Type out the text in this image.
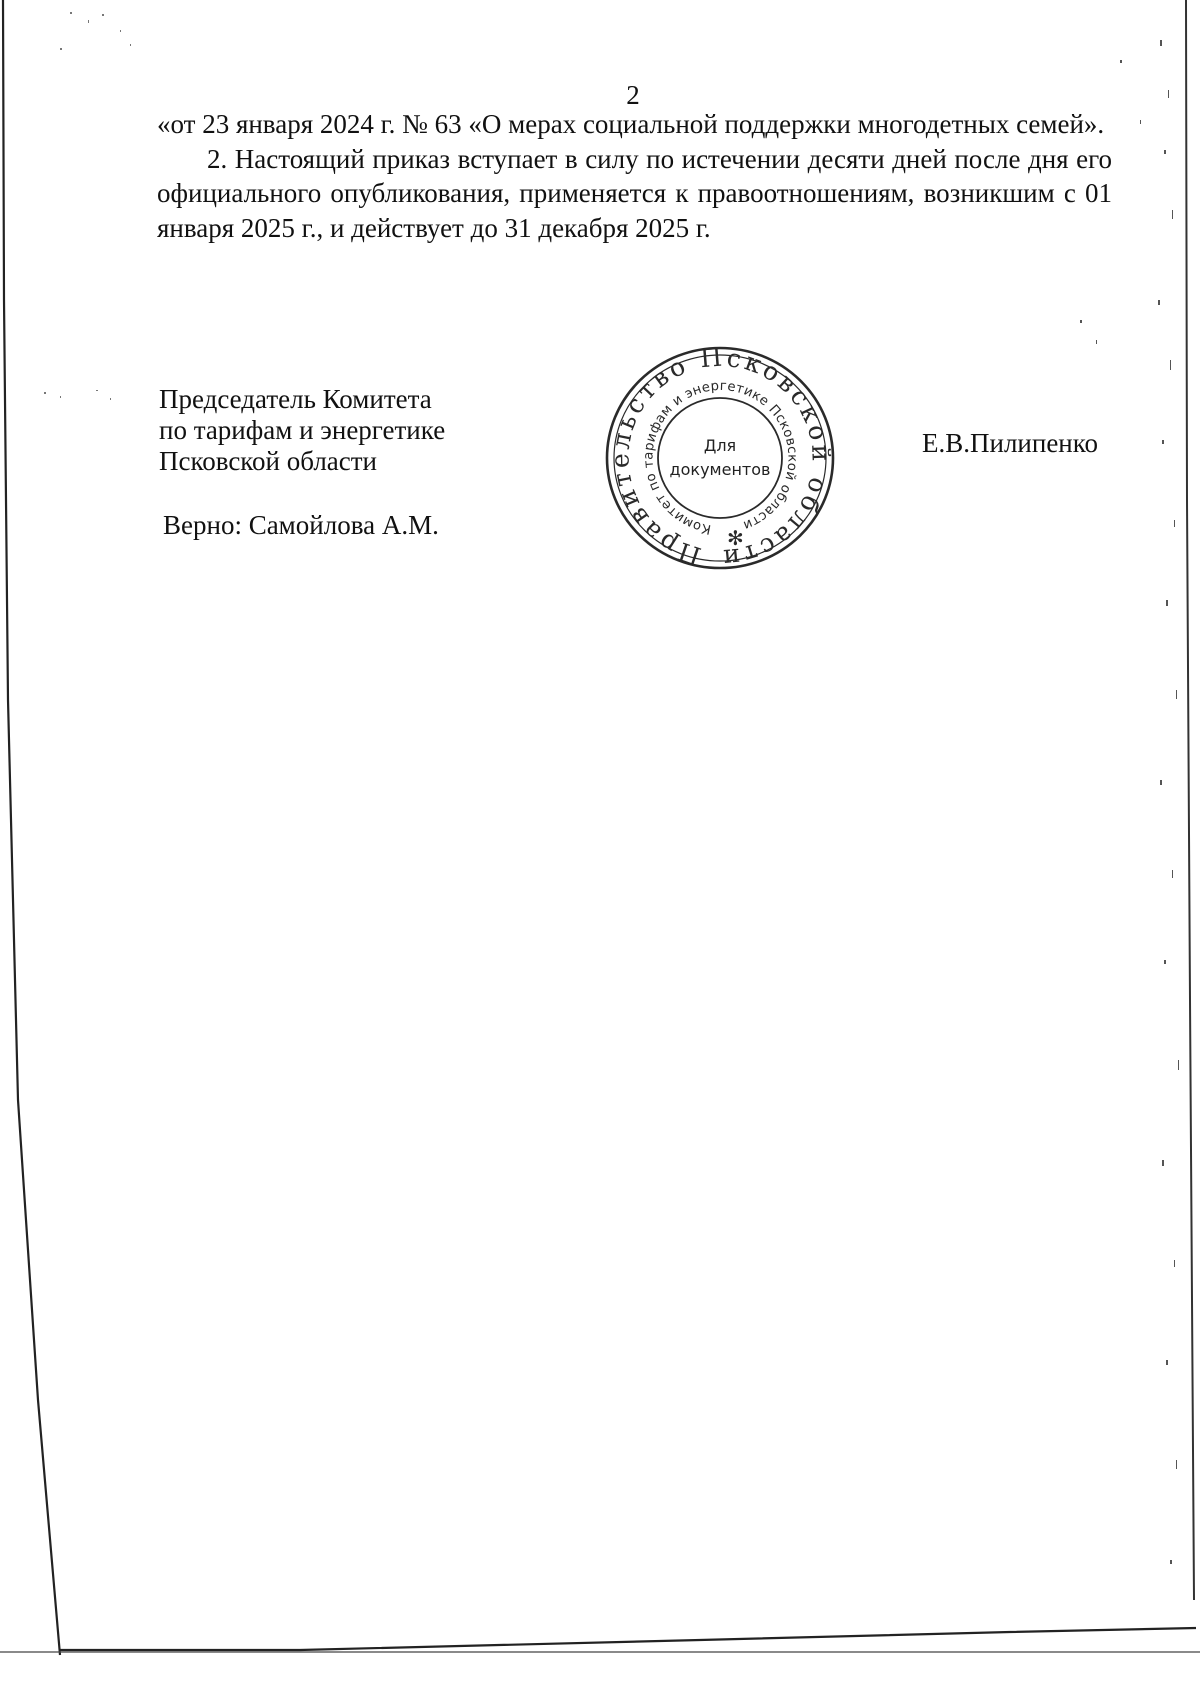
2

«от 23 января 2024 г. № 63 «О мерах социальной поддержки многодетных семей».

2. Настоящий приказ вступает в силу по истечении десяти дней после дня его официального опубликования, применяется к правоотношениям, возникшим с 01 января 2025 г., и действует до 31 декабря 2025 г.

Председатель Комитета
по тарифам и энергетике
Псковской области
Верно: Самойлова А.М.
Е.В.Пилипенко
Правительство Псковской области
Комитет по тарифам и энергетике Псковской области
✻
Для
документов
